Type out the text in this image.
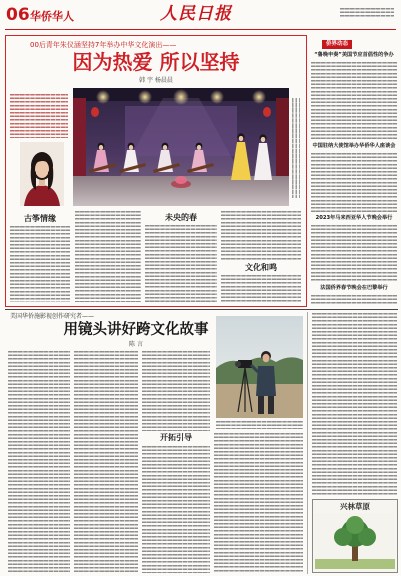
06 华侨华人	人民日报
00后青年朱仪涵坚持7年举办中华文化演出——
因为热爱 所以坚持
韩 宇 杨晨晨
古筝情缘	未央的春
文化和鸣
侨界动态
“鲁晚申奏”美国节应首倡性的争办
中国驻纳大使馆举办华侨华人座谈会
2023年马来西亚华人节晚会举行
法国侨界春节晚会在巴黎举行
美国华侨施影视创作研究者——
用镜头讲好跨文化故事
陈 言
开拓引导
兴林草原
